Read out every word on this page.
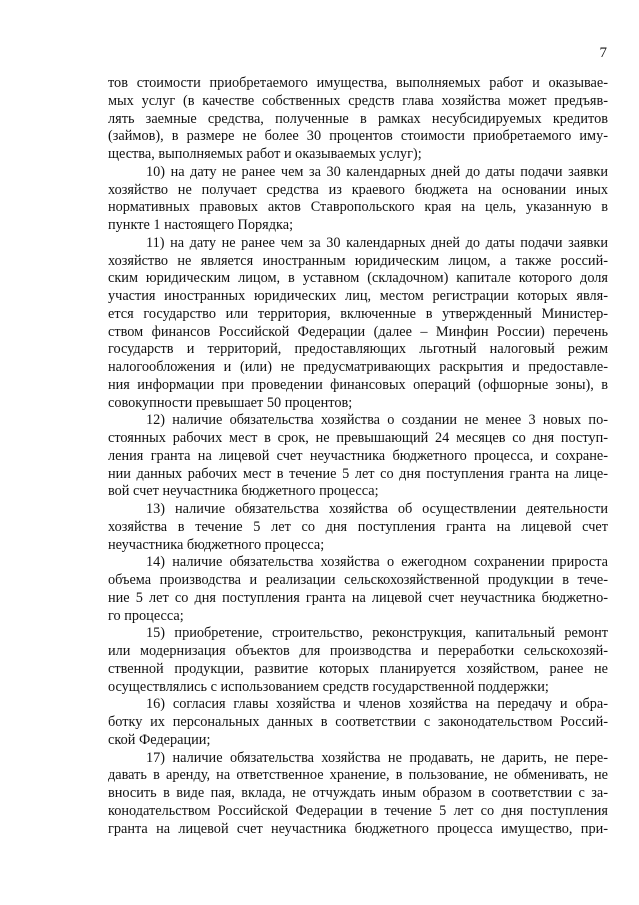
7
тов стоимости приобретаемого имущества, выполняемых работ и оказывае-
мых услуг (в качестве собственных средств глава хозяйства может предъяв-
лять заемные средства, полученные в рамках несубсидируемых кредитов
(займов), в размере не более 30 процентов стоимости приобретаемого иму-
щества, выполняемых работ и оказываемых услуг);
10) на дату не ранее чем за 30 календарных дней до даты подачи заявки
хозяйство не получает средства из краевого бюджета на основании иных
нормативных правовых актов Ставропольского края на цель, указанную в
пункте 1 настоящего Порядка;
11) на дату не ранее чем за 30 календарных дней до даты подачи заявки
хозяйство не является иностранным юридическим лицом, а также россий-
ским юридическим лицом, в уставном (складочном) капитале которого доля
участия иностранных юридических лиц, местом регистрации которых явля-
ется государство или территория, включенные в утвержденный Министер-
ством финансов Российской Федерации (далее – Минфин России) перечень
государств и территорий, предоставляющих льготный налоговый режим
налогообложения и (или) не предусматривающих раскрытия и предоставле-
ния информации при проведении финансовых операций (офшорные зоны), в
совокупности превышает 50 процентов;
12) наличие обязательства хозяйства о создании не менее 3 новых по-
стоянных рабочих мест в срок, не превышающий 24 месяцев со дня поступ-
ления гранта на лицевой счет неучастника бюджетного процесса, и сохране-
нии данных рабочих мест в течение 5 лет со дня поступления гранта на лице-
вой счет неучастника бюджетного процесса;
13) наличие обязательства хозяйства об осуществлении деятельности
хозяйства в течение 5 лет со дня поступления гранта на лицевой счет
неучастника бюджетного процесса;
14) наличие обязательства хозяйства о ежегодном сохранении прироста
объема производства и реализации сельскохозяйственной продукции в тече-
ние 5 лет со дня поступления гранта на лицевой счет неучастника бюджетно-
го процесса;
15) приобретение, строительство, реконструкция, капитальный ремонт
или модернизация объектов для производства и переработки сельскохозяй-
ственной продукции, развитие которых планируется хозяйством, ранее не
осуществлялись с использованием средств государственной поддержки;
16) согласия главы хозяйства и членов хозяйства на передачу и обра-
ботку их персональных данных в соответствии с законодательством Россий-
ской Федерации;
17) наличие обязательства хозяйства не продавать, не дарить, не пере-
давать в аренду, на ответственное хранение, в пользование, не обменивать, не
вносить в виде пая, вклада, не отчуждать иным образом в соответствии с за-
конодательством Российской Федерации в течение 5 лет со дня поступления
гранта на лицевой счет неучастника бюджетного процесса имущество, при-
